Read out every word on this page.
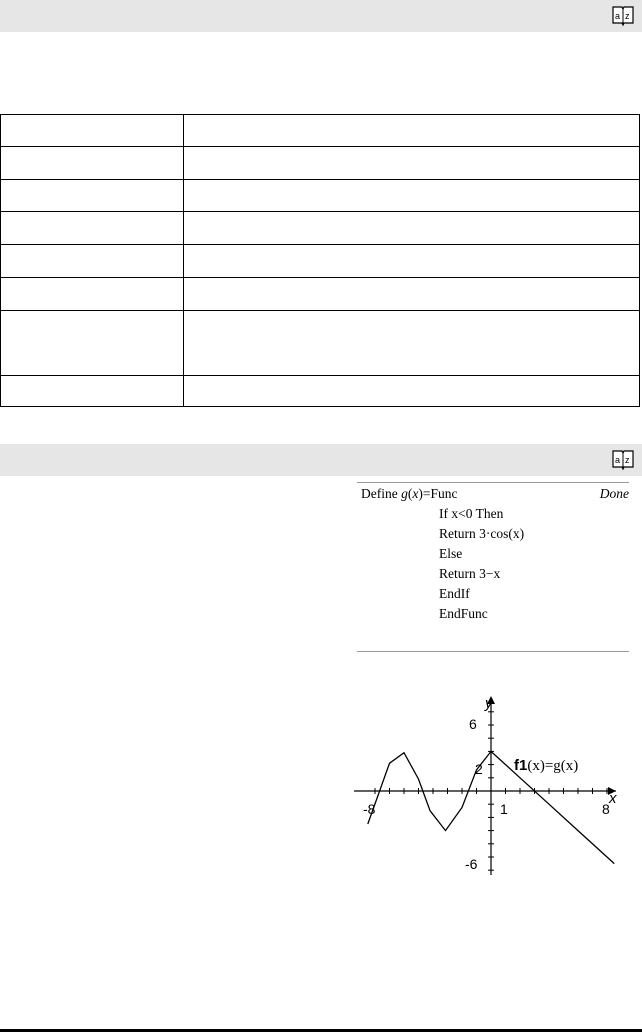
a z
a z
Define g(x)=Func	Done
If x<0 Then
Return 3·cos(x)
Else
Return 3−x
EndIf
EndFunc
x
y
-8	1	8
6
2
-6
f1(x)=g(x)
